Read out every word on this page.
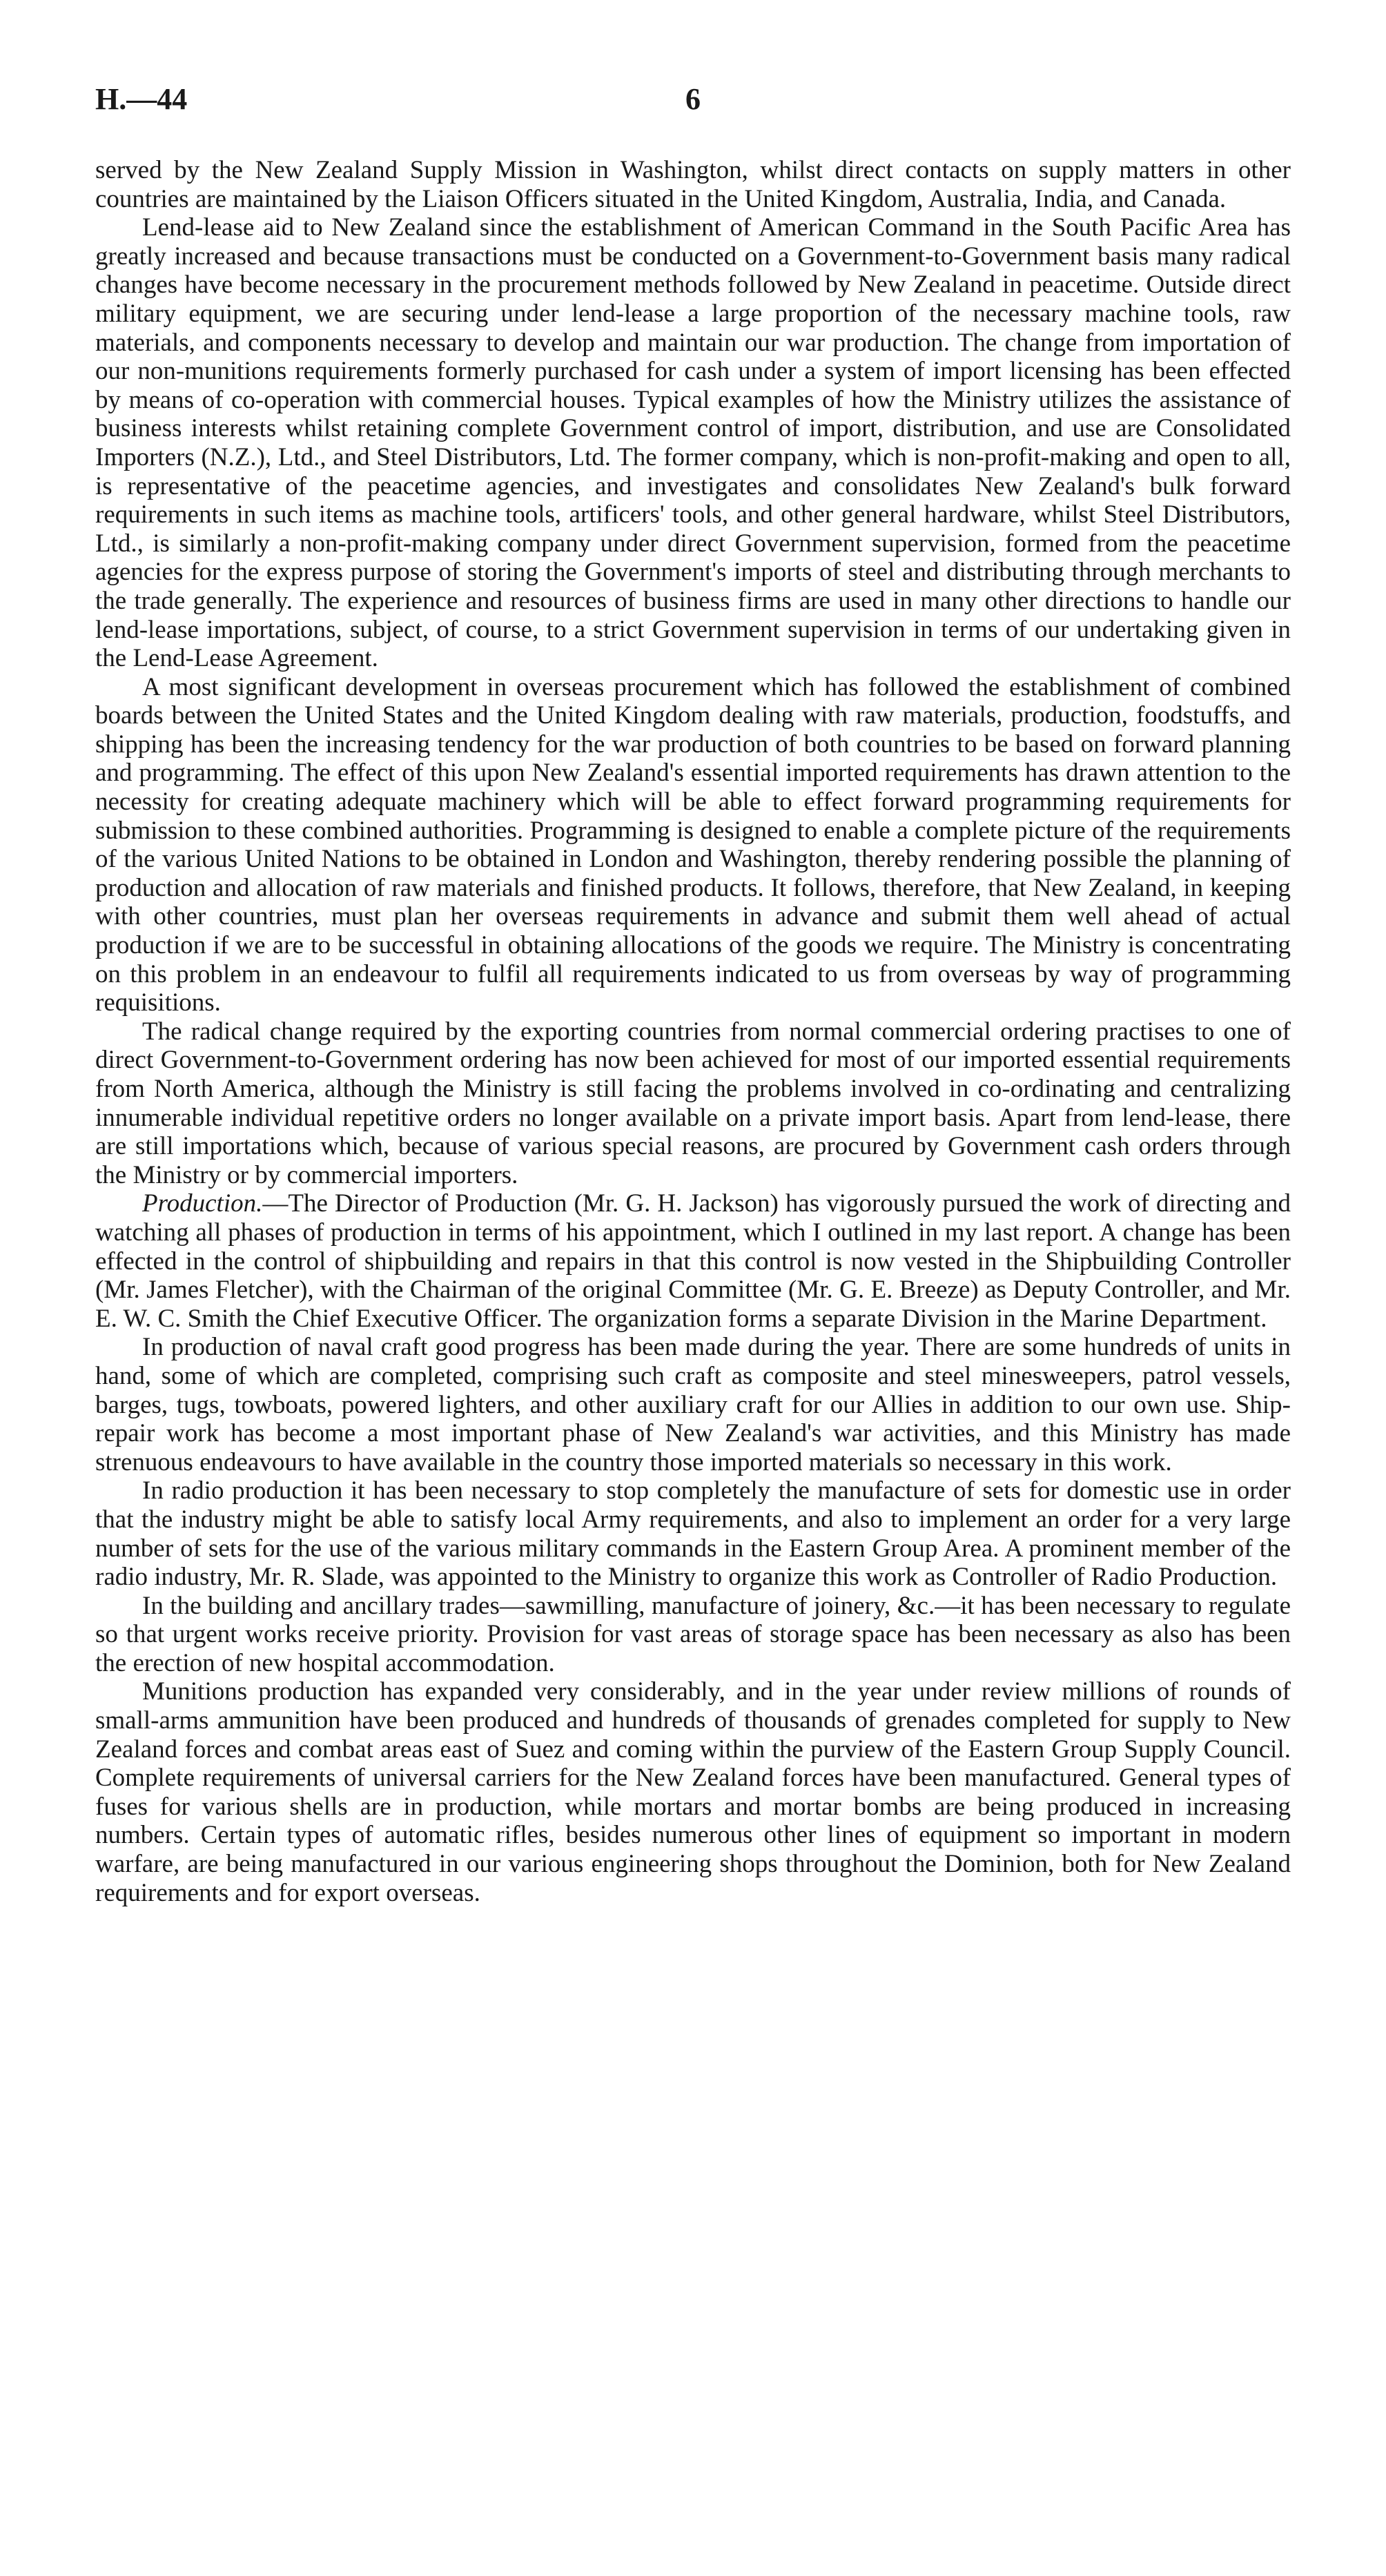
H.—44	6

served by the New Zealand Supply Mission in Washington, whilst direct contacts on supply matters in other countries are maintained by the Liaison Officers situated in the United Kingdom, Australia, India, and Canada.

Lend-lease aid to New Zealand since the establishment of American Command in the South Pacific Area has greatly increased and because transactions must be conducted on a Government-to-Government basis many radical changes have become necessary in the procurement methods followed by New Zealand in peacetime. Outside direct military equipment, we are securing under lend-lease a large proportion of the necessary machine tools, raw materials, and components necessary to develop and maintain our war production. The change from importation of our non-munitions requirements formerly purchased for cash under a system of import licensing has been effected by means of co-operation with commercial houses. Typical examples of how the Ministry utilizes the assistance of business interests whilst retaining complete Government control of import, distribution, and use are Consolidated Importers (N.Z.), Ltd., and Steel Distributors, Ltd. The former company, which is non-profit-making and open to all, is representative of the peacetime agencies, and investigates and consolidates New Zealand's bulk forward requirements in such items as machine tools, artificers' tools, and other general hardware, whilst Steel Distributors, Ltd., is similarly a non-profit-making company under direct Government supervision, formed from the peacetime agencies for the express purpose of storing the Government's imports of steel and distributing through merchants to the trade generally. The experience and resources of business firms are used in many other directions to handle our lend-lease importations, subject, of course, to a strict Government supervision in terms of our undertaking given in the Lend-Lease Agreement.

A most significant development in overseas procurement which has followed the establishment of combined boards between the United States and the United Kingdom dealing with raw materials, production, foodstuffs, and shipping has been the increasing tendency for the war production of both countries to be based on forward planning and programming. The effect of this upon New Zealand's essential imported requirements has drawn attention to the necessity for creating adequate machinery which will be able to effect forward programming requirements for submission to these combined authorities. Programming is designed to enable a complete picture of the requirements of the various United Nations to be obtained in London and Washington, thereby rendering possible the planning of production and allocation of raw materials and finished products. It follows, therefore, that New Zealand, in keeping with other countries, must plan her overseas requirements in advance and submit them well ahead of actual production if we are to be successful in obtaining allocations of the goods we require. The Ministry is concentrating on this problem in an endeavour to fulfil all requirements indicated to us from overseas by way of programming requisitions.

The radical change required by the exporting countries from normal commercial ordering practises to one of direct Government-to-Government ordering has now been achieved for most of our imported essential requirements from North America, although the Ministry is still facing the problems involved in co-ordinating and centralizing innumerable individual repetitive orders no longer available on a private import basis. Apart from lend-lease, there are still importations which, because of various special reasons, are procured by Government cash orders through the Ministry or by commercial importers.

Production.—The Director of Production (Mr. G. H. Jackson) has vigorously pursued the work of directing and watching all phases of production in terms of his appointment, which I outlined in my last report. A change has been effected in the control of shipbuilding and repairs in that this control is now vested in the Shipbuilding Controller (Mr. James Fletcher), with the Chairman of the original Committee (Mr. G. E. Breeze) as Deputy Controller, and Mr. E. W. C. Smith the Chief Executive Officer. The organization forms a separate Division in the Marine Department.

In production of naval craft good progress has been made during the year. There are some hundreds of units in hand, some of which are completed, comprising such craft as composite and steel minesweepers, patrol vessels, barges, tugs, towboats, powered lighters, and other auxiliary craft for our Allies in addition to our own use. Ship-repair work has become a most important phase of New Zealand's war activities, and this Ministry has made strenuous endeavours to have available in the country those imported materials so necessary in this work.

In radio production it has been necessary to stop completely the manufacture of sets for domestic use in order that the industry might be able to satisfy local Army requirements, and also to implement an order for a very large number of sets for the use of the various military commands in the Eastern Group Area. A prominent member of the radio industry, Mr. R. Slade, was appointed to the Ministry to organize this work as Controller of Radio Production.

In the building and ancillary trades—sawmilling, manufacture of joinery, &c.—it has been necessary to regulate so that urgent works receive priority. Provision for vast areas of storage space has been necessary as also has been the erection of new hospital accommodation.

Munitions production has expanded very considerably, and in the year under review millions of rounds of small-arms ammunition have been produced and hundreds of thousands of grenades completed for supply to New Zealand forces and combat areas east of Suez and coming within the purview of the Eastern Group Supply Council. Complete requirements of universal carriers for the New Zealand forces have been manufactured. General types of fuses for various shells are in production, while mortars and mortar bombs are being produced in increasing numbers. Certain types of automatic rifles, besides numerous other lines of equipment so important in modern warfare, are being manufactured in our various engineering shops throughout the Dominion, both for New Zealand requirements and for export overseas.
